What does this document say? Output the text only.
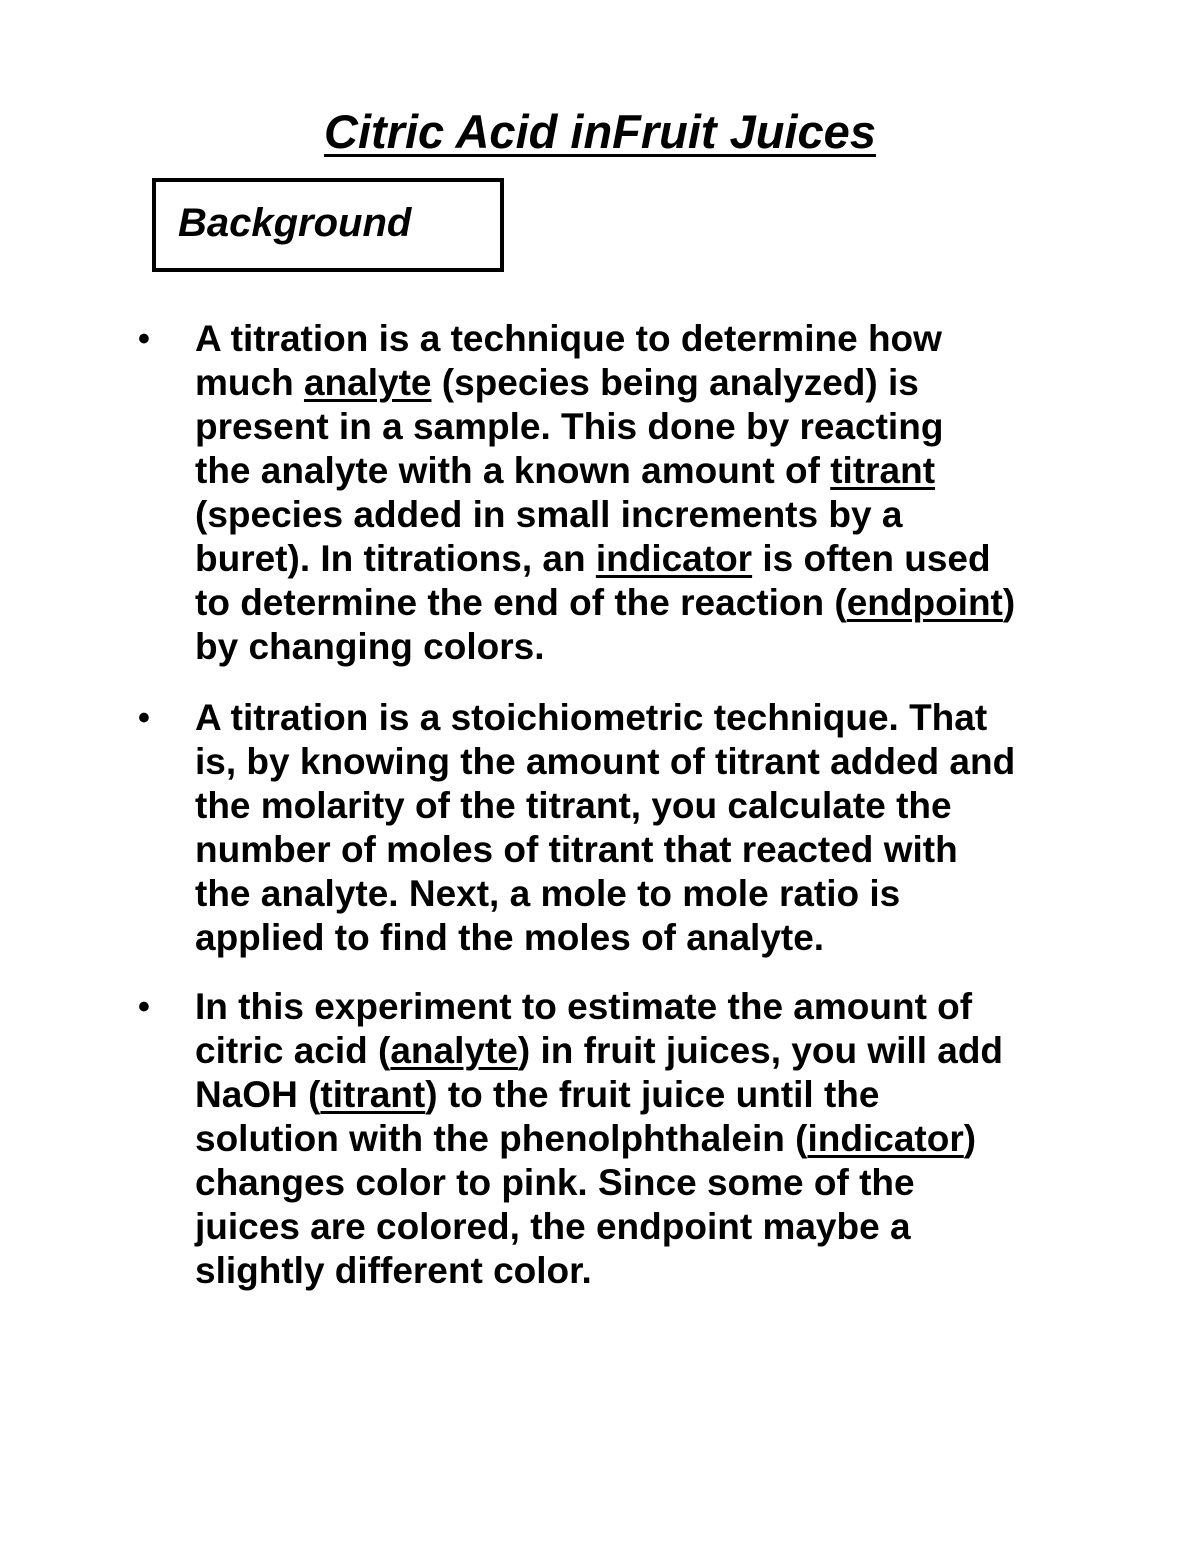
Citric Acid inFruit Juices
Background
•	A titration is a technique to determine how
much analyte (species being analyzed) is
present in a sample. This done by reacting
the analyte with a known amount of titrant
(species added in small increments by a
buret). In titrations, an indicator is often used
to determine the end of the reaction (endpoint)
by changing colors.
•	A titration is a stoichiometric technique. That
is, by knowing the amount of titrant added and
the molarity of the titrant, you calculate the
number of moles of titrant that reacted with
the analyte. Next, a mole to mole ratio is
applied to find the moles of analyte.
•	In this experiment to estimate the amount of
citric acid (analyte) in fruit juices, you will add
NaOH (titrant) to the fruit juice until the
solution with the phenolphthalein (indicator)
changes color to pink. Since some of the
juices are colored, the endpoint maybe a
slightly different color.
